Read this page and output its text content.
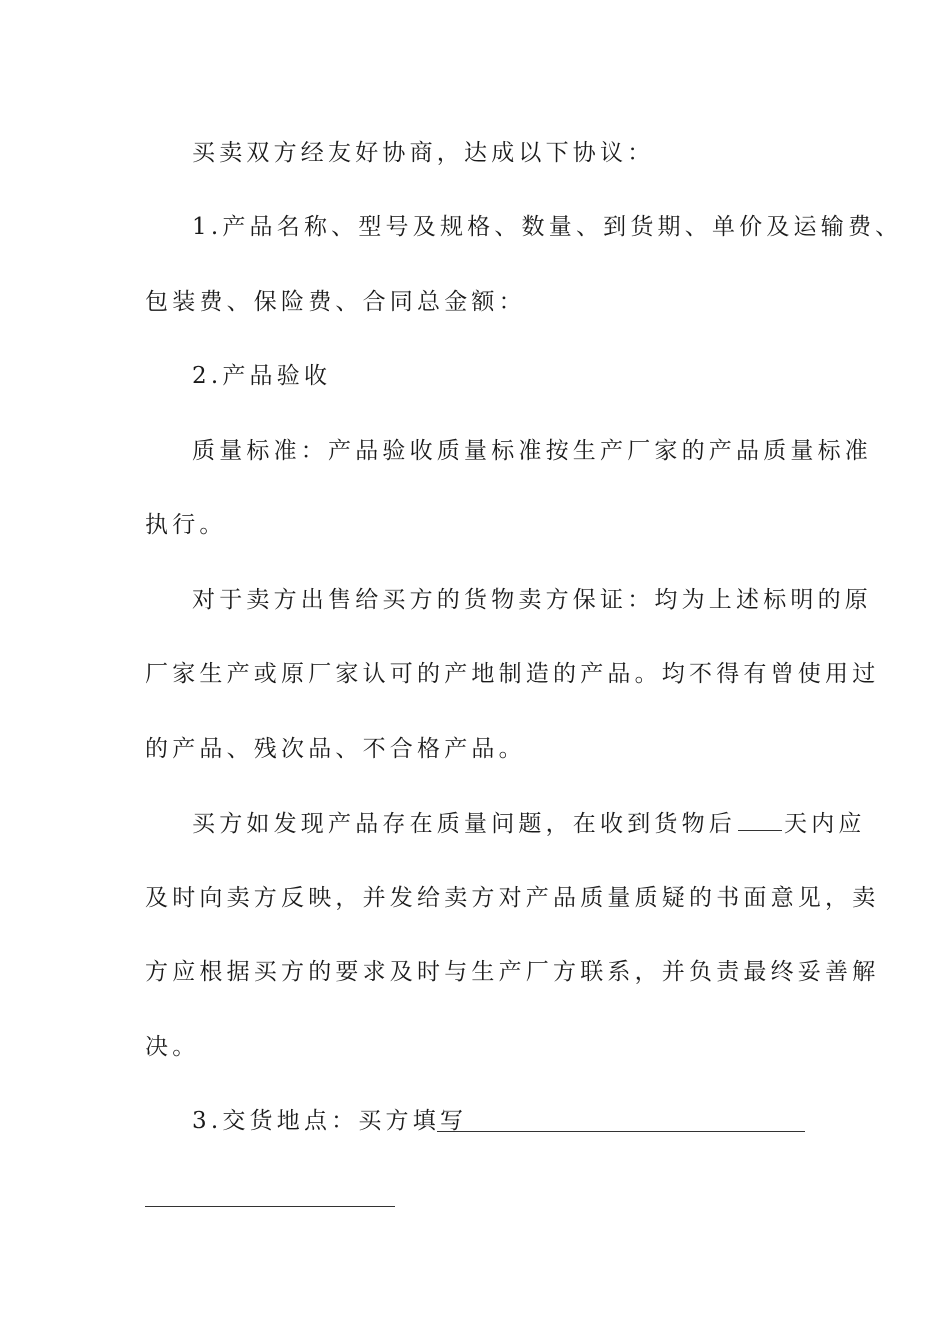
买卖双方经友好协商，达成以下协议：

1.产品名称、型号及规格、数量、到货期、单价及运输费、

包装费、保险费、合同总金额：

2.产品验收

质量标准：产品验收质量标准按生产厂家的产品质量标准

执行。

对于卖方出售给买方的货物卖方保证：均为上述标明的原

厂家生产或原厂家认可的产地制造的产品。均不得有曾使用过

的产品、残次品、不合格产品。

买方如发现产品存在质量问题，在收到货物后 天内应

及时向卖方反映，并发给卖方对产品质量质疑的书面意见，卖

方应根据买方的要求及时与生产厂方联系，并负责最终妥善解

决。

3.交货地点：买方填写
